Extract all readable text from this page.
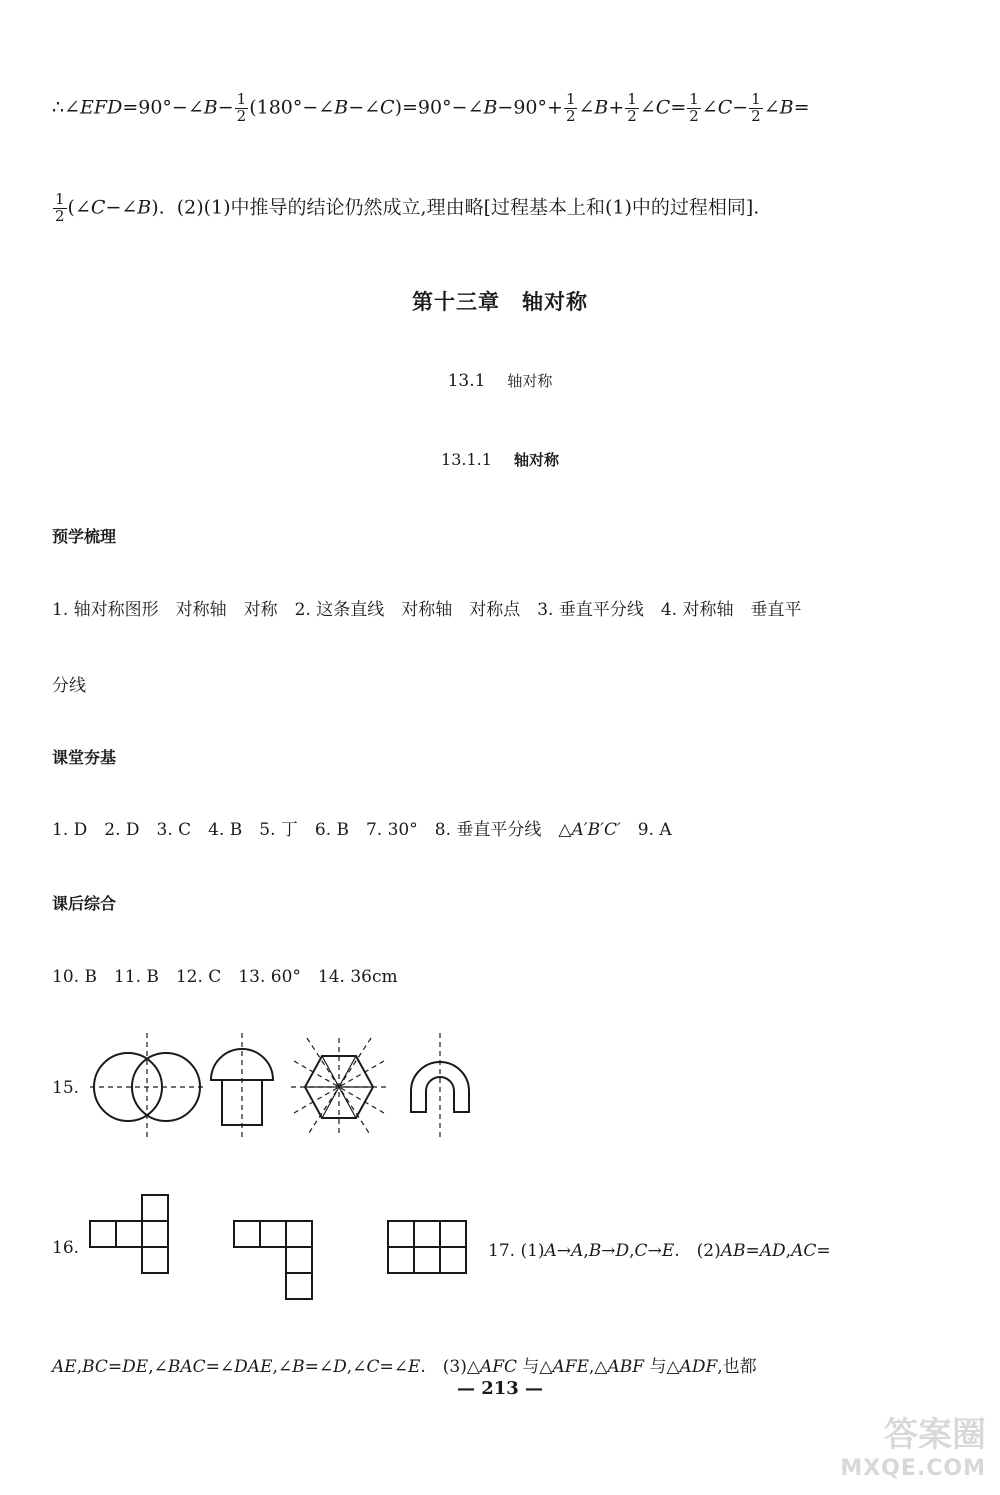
∴∠EFD=90°−∠B− $\frac{1}{2}$ (180°−∠B−∠C)=90°−∠B−90°+ $\frac{1}{2}$ ∠B+ $\frac{1}{2}$ ∠C= $\frac{1}{2}$ ∠C− $\frac{1}{2}$ ∠B=
$\frac{1}{2}$ (∠C−∠B). (2)(1)中推导的结论仍然成立,理由略[过程基本上和(1)中的过程相同].
第十三章　轴对称
13.1 轴对称
13.1.1 轴对称
预学梳理
1. 轴对称图形　对称轴　对称　2. 这条直线　对称轴　对称点　3. 垂直平分线　4. 对称轴　垂直平
分线
课堂夯基
1. D　2. D　3. C　4. B　5. 丁　6. B　7. 30°　8. 垂直平分线　△A′B′C′　9. A
课后综合
10. B　11. B　12. C　13. 60°　14. 36cm
15.
16.	17. (1)A→A,B→D,C→E.　(2)AB=AD,AC=
AE,BC=DE,∠BAC=∠DAE,∠B=∠D,∠C=∠E.　(3)△AFC 与△AFE,△ABF 与△ADF,也都
— 213 —
答案圈
MXQE.COM
